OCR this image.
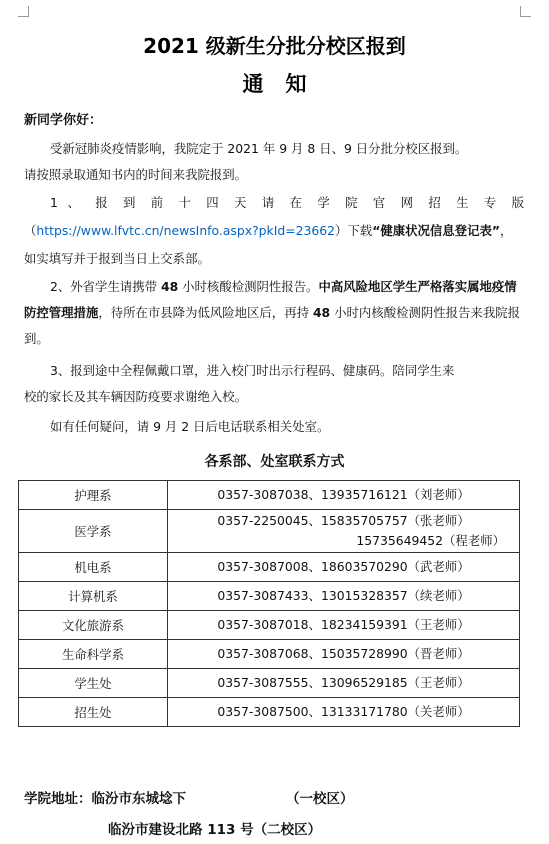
2021 级新生分批分校区报到
通知
新同学你好：
受新冠肺炎疫情影响，我院定于 2021 年 9 月 8 日、9 日分批分校区报到。
请按照录取通知书内的时间来我院报到。
1 、 报 到 前 十 四 天 请 在 学 院 官 网 招 生 专 版
（https://www.lfvtc.cn/newsInfo.aspx?pkId=23662）下载“健康状况信息登记表”，
如实填写并于报到当日上交系部。
2、外省学生请携带 48 小时核酸检测阴性报告。中高风险地区学生严格落实属地疫情防控管理措施，待所在市县降为低风险地区后，再持 48 小时内核酸检测阴性报告来我院报到。
3、报到途中全程佩戴口罩，进入校门时出示行程码、健康码。陪同学生来
校的家长及其车辆因防疫要求谢绝入校。
如有任何疑问，请 9 月 2 日后电话联系相关处室。
各系部、处室联系方式
护理系	0357-3087038、13935716121（刘老师）
医学系	0357-2250045、15835705757（张老师）
15735649452（程老师）

机电系	0357-3087008、18603570290（武老师）
计算机系	0357-3087433、13015328357（续老师）
文化旅游系	0357-3087018、18234159391（王老师）
生命科学系	0357-3087068、15035728990（晋老师）
学生处	0357-3087555、13096529185（王老师）
招生处	0357-3087500、13133171780（关老师）
学院地址：临汾市东城埝下	（一校区）
临汾市建设北路 113 号（二校区）
